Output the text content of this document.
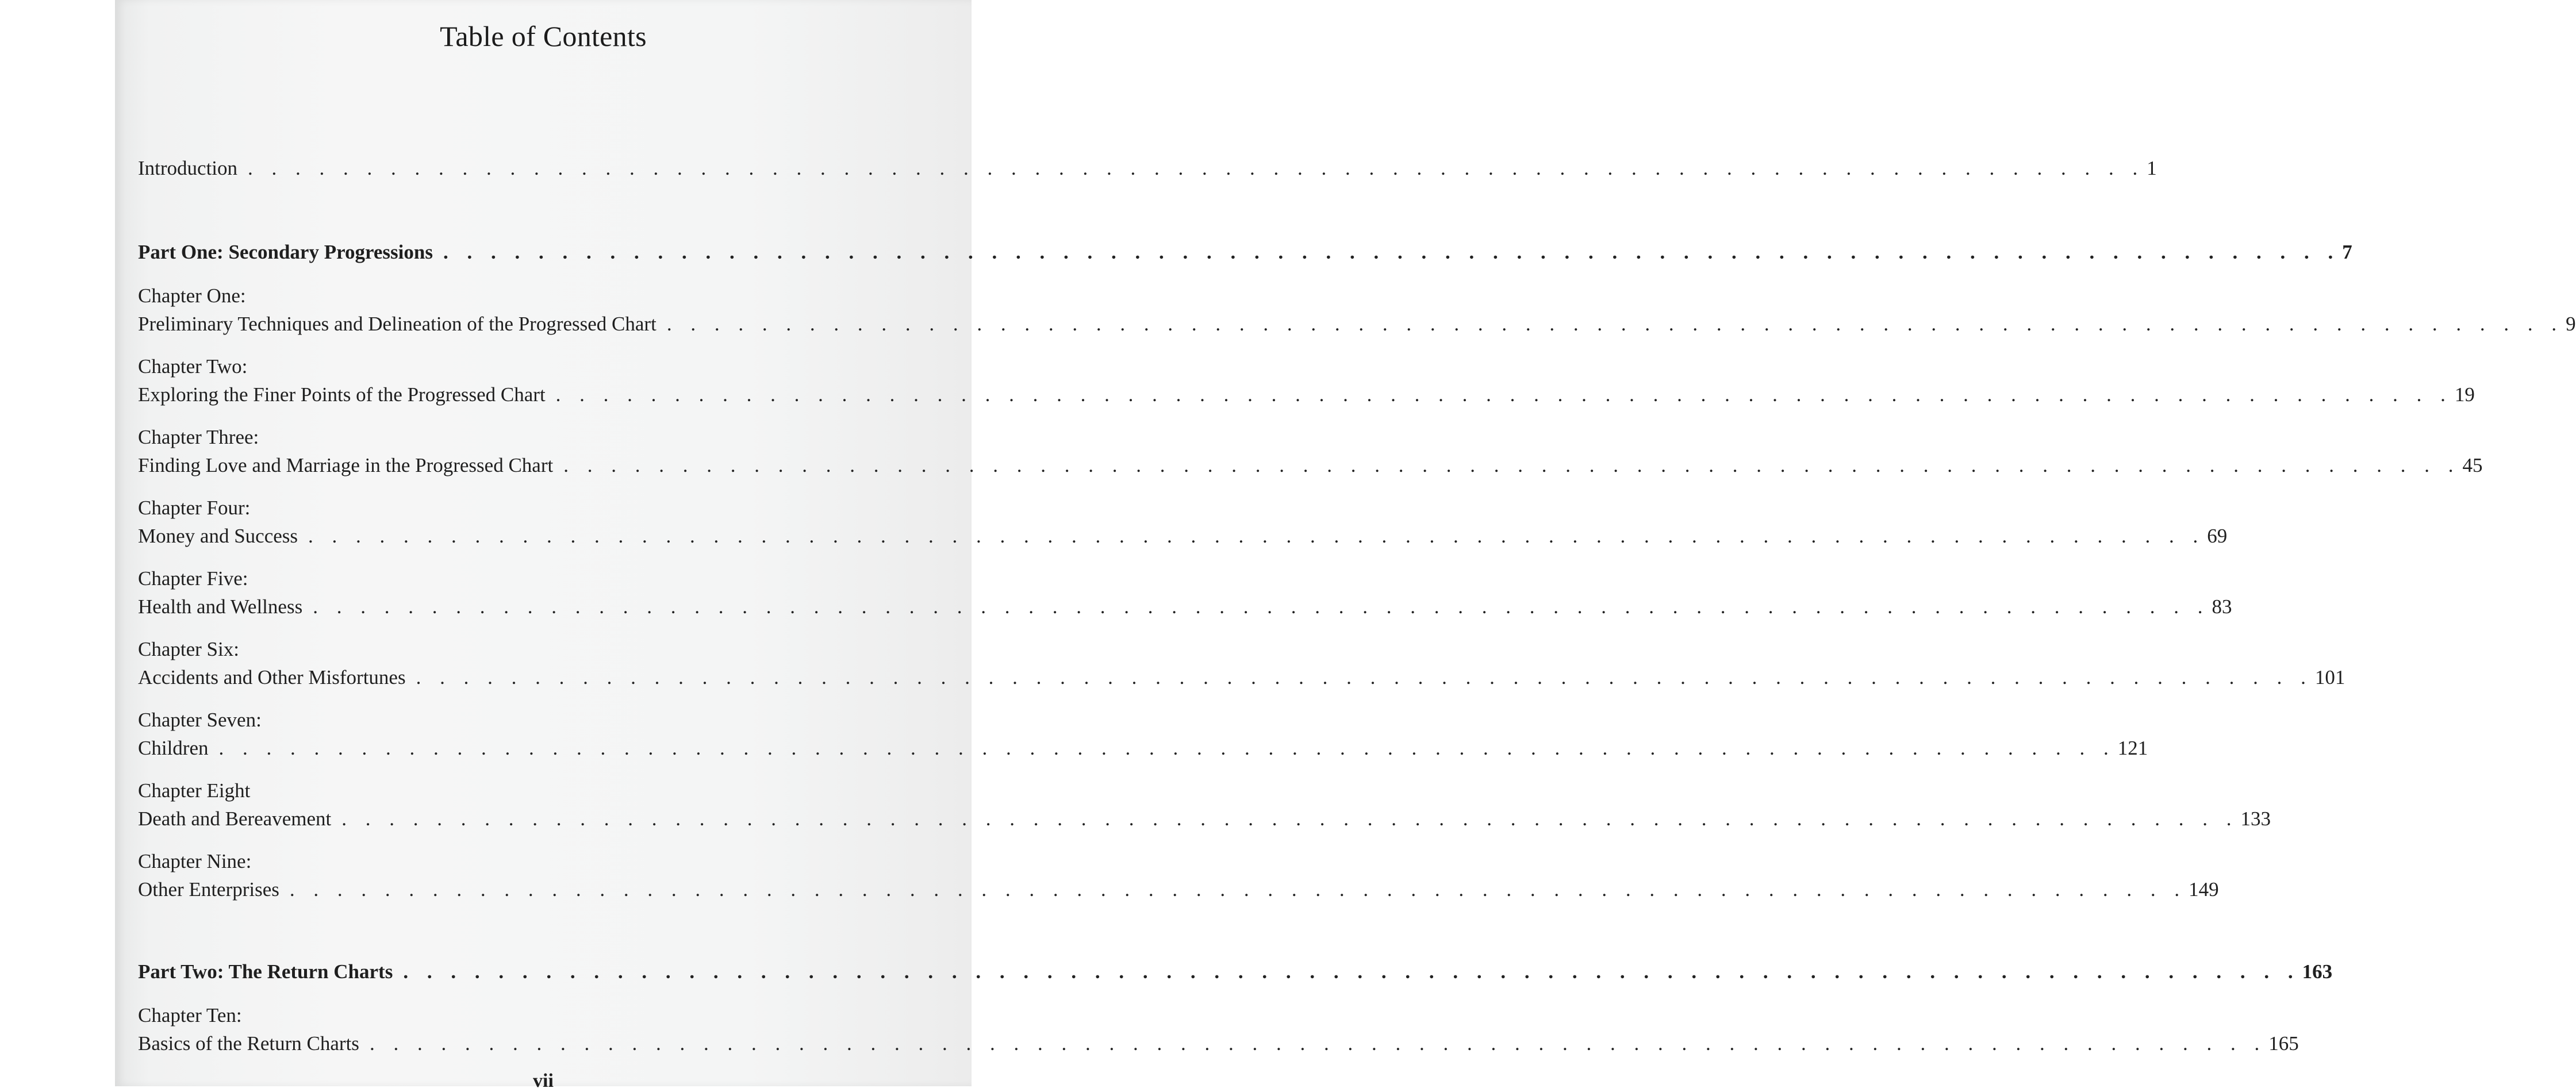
Table of Contents
Introduction . . . . . . . . . . . . . . . . . . . . . . . . . . . . . . . . . . . . . . . . . . . . . . . . . . . . . . . . . . . . . . . . . . . . . . . . . . . . . . . . 1
Part One: Secondary Progressions . . . . . . . . . . . . . . . . . . . . . . . . . . . . . . . . . . . . . . . . . . . . . . . . . . . . . . . . . . . . . . . . . . . . . . . . . . . . . . . . 7
Chapter One:
Preliminary Techniques and Delineation of the Progressed Chart . . . . . . . . . . . . . . . . . . . . . . . . . . . . . . . . . . . . . . . . . . . . . . . . . . . . . . . . . . . . . . . . . . . . . . . . . . . . . . . . 9
Chapter Two:
Exploring the Finer Points of the Progressed Chart . . . . . . . . . . . . . . . . . . . . . . . . . . . . . . . . . . . . . . . . . . . . . . . . . . . . . . . . . . . . . . . . . . . . . . . . . . . . . . . . 19
Chapter Three:
Finding Love and Marriage in the Progressed Chart . . . . . . . . . . . . . . . . . . . . . . . . . . . . . . . . . . . . . . . . . . . . . . . . . . . . . . . . . . . . . . . . . . . . . . . . . . . . . . . . 45
Chapter Four:
Money and Success . . . . . . . . . . . . . . . . . . . . . . . . . . . . . . . . . . . . . . . . . . . . . . . . . . . . . . . . . . . . . . . . . . . . . . . . . . . . . . . . 69
Chapter Five:
Health and Wellness . . . . . . . . . . . . . . . . . . . . . . . . . . . . . . . . . . . . . . . . . . . . . . . . . . . . . . . . . . . . . . . . . . . . . . . . . . . . . . . . 83
Chapter Six:
Accidents and Other Misfortunes . . . . . . . . . . . . . . . . . . . . . . . . . . . . . . . . . . . . . . . . . . . . . . . . . . . . . . . . . . . . . . . . . . . . . . . . . . . . . . . . 101
Chapter Seven:
Children . . . . . . . . . . . . . . . . . . . . . . . . . . . . . . . . . . . . . . . . . . . . . . . . . . . . . . . . . . . . . . . . . . . . . . . . . . . . . . . . 121
Chapter Eight
Death and Bereavement . . . . . . . . . . . . . . . . . . . . . . . . . . . . . . . . . . . . . . . . . . . . . . . . . . . . . . . . . . . . . . . . . . . . . . . . . . . . . . . . 133
Chapter Nine:
Other Enterprises . . . . . . . . . . . . . . . . . . . . . . . . . . . . . . . . . . . . . . . . . . . . . . . . . . . . . . . . . . . . . . . . . . . . . . . . . . . . . . . . 149
Part Two: The Return Charts . . . . . . . . . . . . . . . . . . . . . . . . . . . . . . . . . . . . . . . . . . . . . . . . . . . . . . . . . . . . . . . . . . . . . . . . . . . . . . . . 163
Chapter Ten:
Basics of the Return Charts . . . . . . . . . . . . . . . . . . . . . . . . . . . . . . . . . . . . . . . . . . . . . . . . . . . . . . . . . . . . . . . . . . . . . . . . . . . . . . . . 165
vii
